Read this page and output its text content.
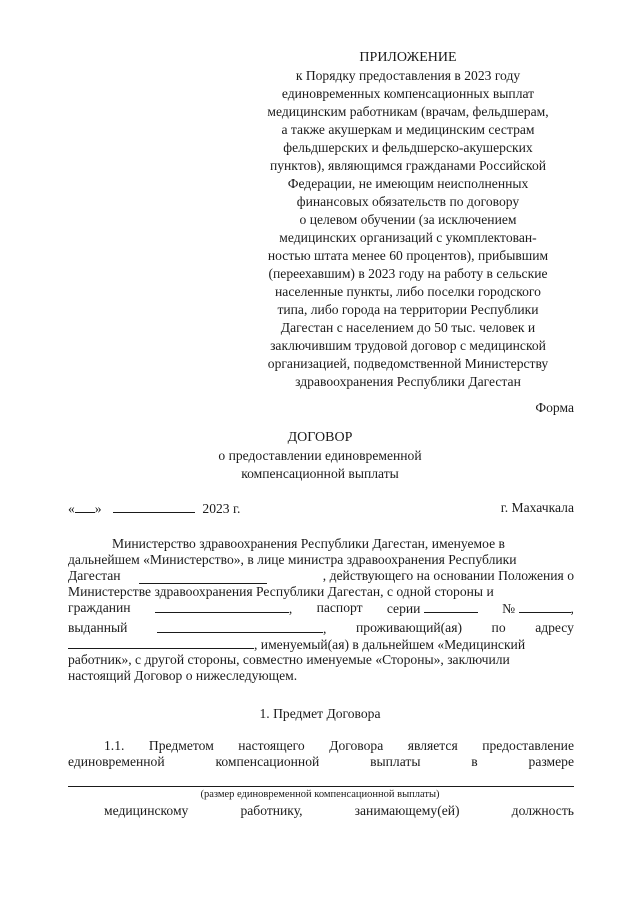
ПРИЛОЖЕНИЕ
к Порядку предоставления в 2023 году
единовременных компенсационных выплат
медицинским работникам (врачам, фельдшерам,
а также акушеркам и медицинским сестрам
фельдшерских и фельдшерско-акушерских
пунктов), являющимся гражданами Российской
Федерации, не имеющим неисполненных
финансовых обязательств по договору
о целевом обучении (за исключением
медицинских организаций с укомплектован-
ностью штата менее 60 процентов), прибывшим
(переехавшим) в 2023 году на работу в сельские
населенные пункты, либо поселки городского
типа, либо города на территории Республики
Дагестан с населением до 50 тыс. человек и
заключившим трудовой договор с медицинской
организацией, подведомственной Министерству
здравоохранения Республики Дагестан
Форма
ДОГОВОР
о предоставлении единовременной
компенсационной выплаты
« »	2023 г.	г. Махачкала
Министерство здравоохранения Республики Дагестан, именуемое в
дальнейшем «Министерство», в лице министра здравоохранения Республики
Дагестан	, действующего на основании Положения о
Министерстве здравоохранения Республики Дагестан, с одной стороны и
гражданин	, паспорт серии	№	,
выданный	, проживающий(ая) по адресу
, именуемый(ая) в дальнейшем «Медицинский
работник», с другой стороны, совместно именуемые «Стороны», заключили
настоящий Договор о нижеследующем.
1. Предмет Договора
1.1. Предметом настоящего Договора является предоставление
единовременной	компенсационной	выплаты	в	размере
(размер единовременной компенсационной выплаты)
медицинскому	работнику,	занимающему(ей)	должность
